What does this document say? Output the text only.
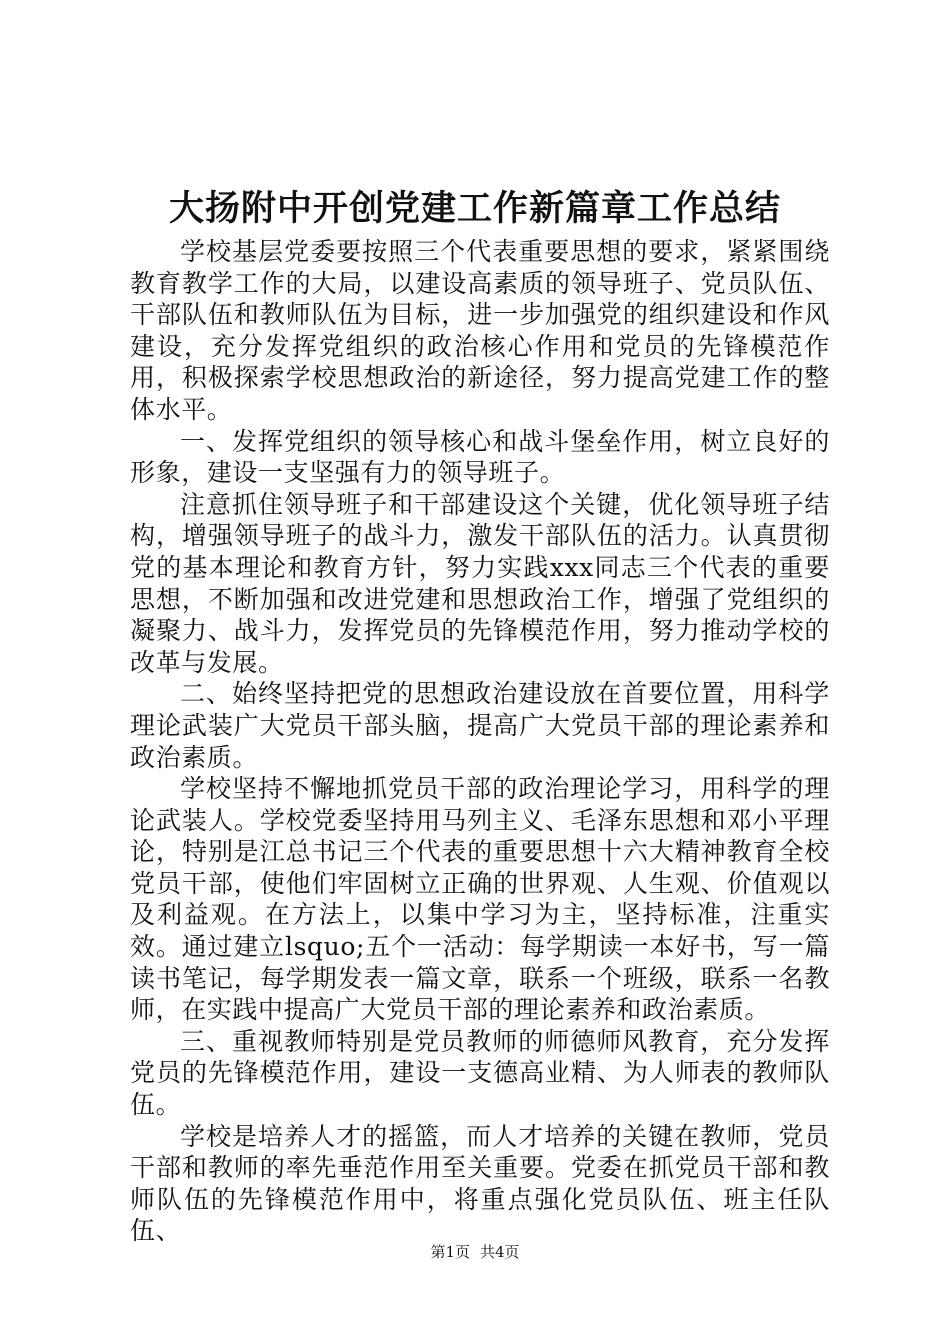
大扬附中开创党建工作新篇章工作总结

学校基层党委要按照三个代表重要思想的要求，紧紧围绕教育教学工作的大局，以建设高素质的领导班子、党员队伍、干部队伍和教师队伍为目标，进一步加强党的组织建设和作风建设，充分发挥党组织的政治核心作用和党员的先锋模范作用，积极探索学校思想政治的新途径，努力提高党建工作的整体水平。

一、发挥党组织的领导核心和战斗堡垒作用，树立良好的形象，建设一支坚强有力的领导班子。

注意抓住领导班子和干部建设这个关键，优化领导班子结构，增强领导班子的战斗力，激发干部队伍的活力。认真贯彻党的基本理论和教育方针，努力实践xxx同志三个代表的重要思想，不断加强和改进党建和思想政治工作，增强了党组织的凝聚力、战斗力，发挥党员的先锋模范作用，努力推动学校的改革与发展。

二、始终坚持把党的思想政治建设放在首要位置，用科学理论武装广大党员干部头脑，提高广大党员干部的理论素养和政治素质。

学校坚持不懈地抓党员干部的政治理论学习，用科学的理论武装人。学校党委坚持用马列主义、毛泽东思想和邓小平理论，特别是江总书记三个代表的重要思想十六大精神教育全校党员干部，使他们牢固树立正确的世界观、人生观、价值观以及利益观。在方法上，以集中学习为主，坚持标准，注重实效。通过建立lsquo;五个一活动：每学期读一本好书，写一篇读书笔记，每学期发表一篇文章，联系一个班级，联系一名教师，在实践中提高广大党员干部的理论素养和政治素质。

三、重视教师特别是党员教师的师德师风教育，充分发挥党员的先锋模范作用，建设一支德高业精、为人师表的教师队伍。

学校是培养人才的摇篮，而人才培养的关键在教师，党员干部和教师的率先垂范作用至关重要。党委在抓党员干部和教师队伍的先锋模范作用中，将重点强化党员队伍、班主任队伍、

第1页 共4页
